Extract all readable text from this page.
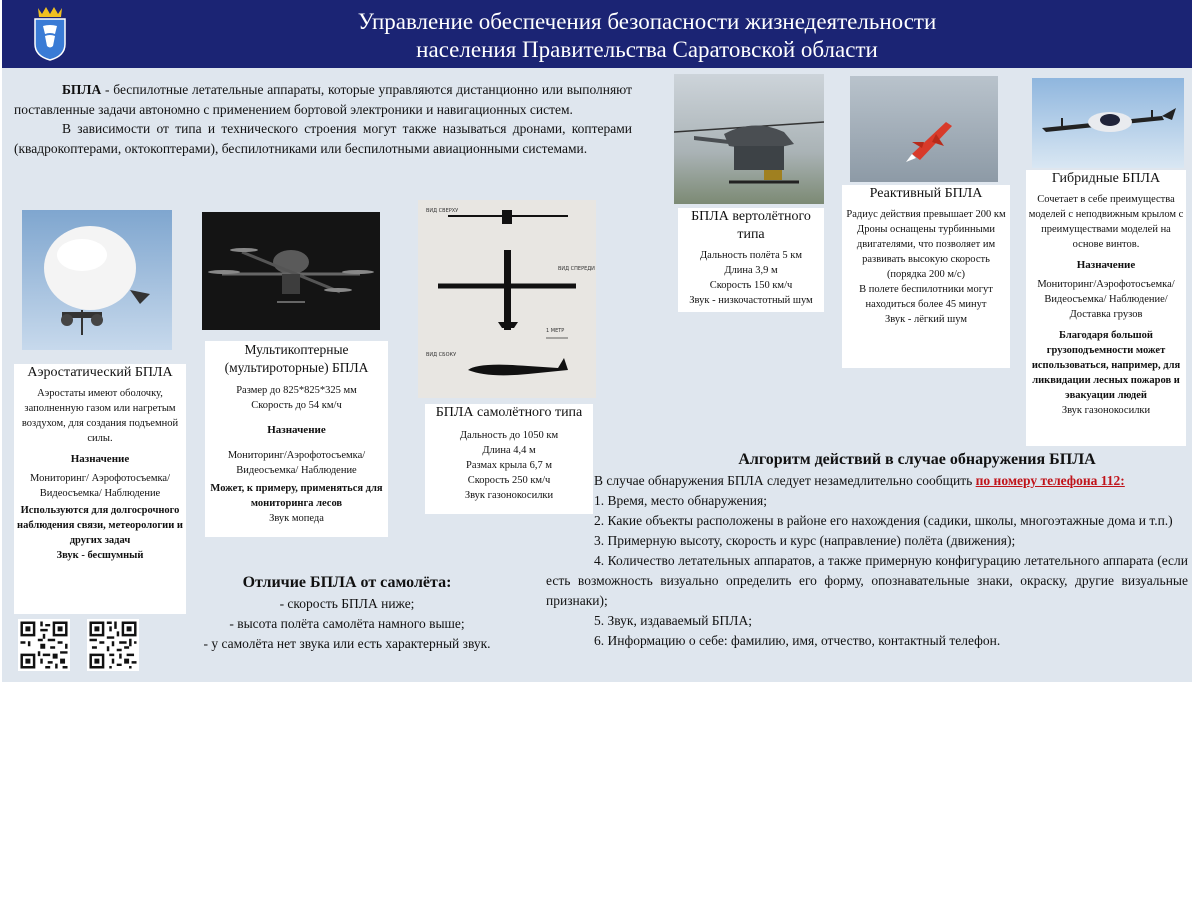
Управление обеспечения безопасности жизнедеятельности
населения Правительства Саратовской области

БПЛА - беспилотные летательные аппараты, которые управляются дистанционно или выполняют поставленные задачи автономно с применением бортовой электроники и навигационных систем.

В зависимости от типа и технического строения могут также называться дронами, коптерами (квадрокоптерами, октокоптерами), беспилотниками или беспилотными авиационными системами.

Аэростатический БПЛА
Аэростаты имеют оболочку, заполненную газом или нагретым воздухом, для создания подъемной силы.
Назначение
Мониторинг/ Аэрофотосъемка/ Видеосъемка/ Наблюдение
Используются для долгосрочного наблюдения связи, метеорологии и других задач
Звук - бесшумный
Мультикоптерные (мультироторные) БПЛА
Размер до 825*825*325 мм
Скорость до 54 км/ч
Назначение
Мониторинг/Аэрофотосъемка/ Видеосъемка/ Наблюдение
Может, к примеру, применяться для мониторинга лесов
Звук мопеда
ВИД СВЕРХУ
ВИД СПЕРЕДИ
1 МЕТР
ВИД СБОКУ
БПЛА самолётного типа
Дальность до 1050 км
Длина 4,4 м
Размах крыла 6,7 м
Скорость 250 км/ч
Звук газонокосилки
БПЛА вертолётного типа
Дальность полёта 5 км
Длина 3,9 м
Скорость 150 км/ч
Звук - низкочастотный шум
Реактивный БПЛА
Радиус действия превышает 200 км
Дроны оснащены турбинными двигателями, что позволяет им развивать высокую скорость (порядка 200 м/с)
В полете беспилотники могут находиться более 45 минут
Звук - лёгкий шум
Гибридные БПЛА
Сочетает в себе преимущества моделей с неподвижным крылом с преимуществами моделей на основе винтов.
Назначение
Мониторинг/Аэрофотосъемка/ Видеосъемка/ Наблюдение/ Доставка грузов
Благодаря большой грузоподъемности может использоваться, например, для ликвидации лесных пожаров и эвакуации людей
Звук газонокосилки
Отличие БПЛА от самолёта:
- скорость БПЛА ниже;
- высота полёта самолёта намного выше;
- у самолёта нет звука или есть характерный звук.
Алгоритм действий в случае обнаружения БПЛА

В случае обнаружения БПЛА следует незамедлительно сообщить по номеру телефона 112:

1. Время, место обнаружения;

2. Какие объекты расположены в районе его нахождения (садики, школы, многоэтажные дома и т.п.)

3. Примерную высоту, скорость и курс (направление) полёта (движения);

4. Количество летательных аппаратов, а также примерную конфигурацию летательного аппарата (если есть возможность визуально определить его форму, опознавательные знаки, окраску, другие визуальные признаки);

5. Звук, издаваемый БПЛА;

6. Информацию о себе: фамилию, имя, отчество, контактный телефон.
